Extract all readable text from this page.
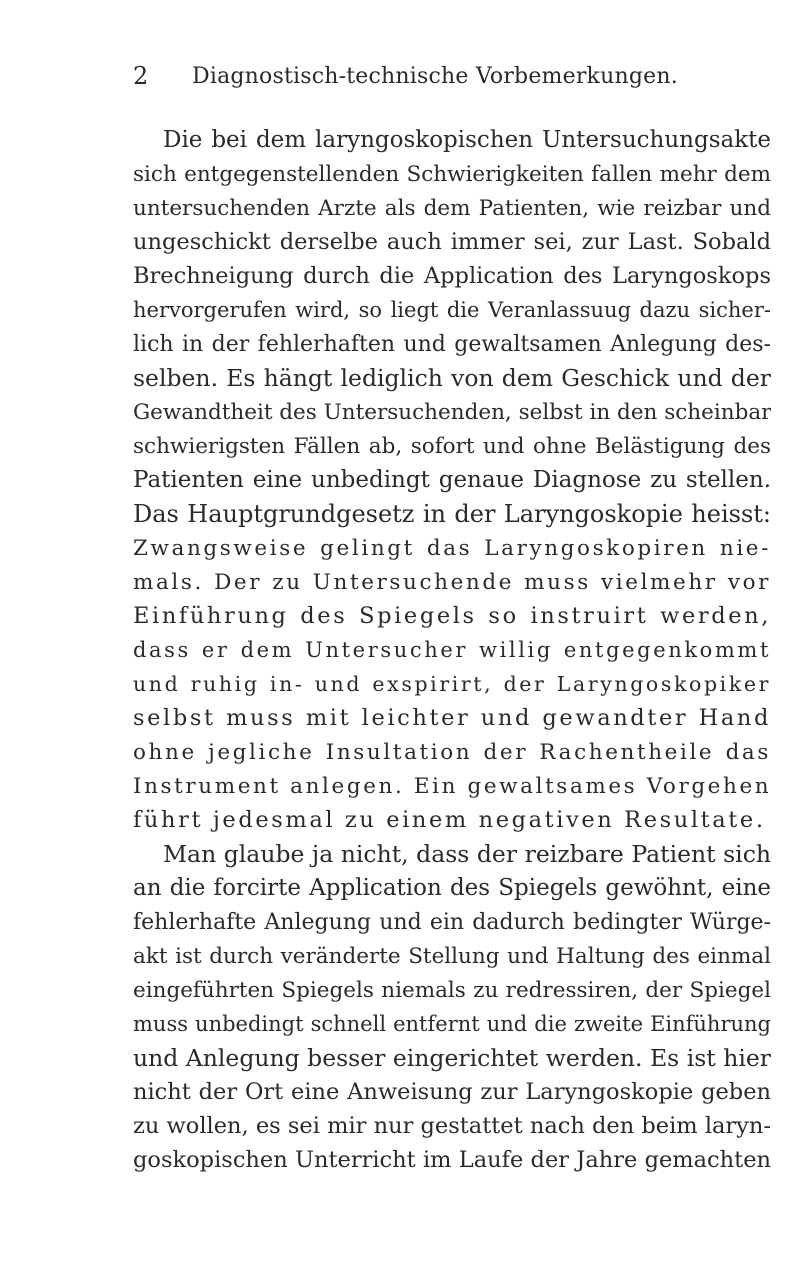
2 Diagnostisch-technische Vorbemerkungen.
Die bei dem laryngoskopischen Untersuchungsakte
sich entgegenstellenden Schwierigkeiten fallen mehr dem
untersuchenden Arzte als dem Patienten, wie reizbar und
ungeschickt derselbe auch immer sei, zur Last. Sobald
Brechneigung durch die Application des Laryngoskops
hervorgerufen wird, so liegt die Veranlassuug dazu sicher-
lich in der fehlerhaften und gewaltsamen Anlegung des-
selben. Es hängt lediglich von dem Geschick und der
Gewandtheit des Untersuchenden, selbst in den scheinbar
schwierigsten Fällen ab, sofort und ohne Belästigung des
Patienten eine unbedingt genaue Diagnose zu stellen.
Das Hauptgrundgesetz in der Laryngoskopie heisst:
Zwangsweise gelingt das Laryngoskopiren nie-
mals. Der zu Untersuchende muss vielmehr vor
Einführung des Spiegels so instruirt werden,
dass er dem Untersucher willig entgegenkommt
und ruhig in- und exspirirt, der Laryngoskopiker
selbst muss mit leichter und gewandter Hand
ohne jegliche Insultation der Rachentheile das
Instrument anlegen. Ein gewaltsames Vorgehen
führt jedesmal zu einem negativen Resultate.
Man glaube ja nicht, dass der reizbare Patient sich
an die forcirte Application des Spiegels gewöhnt, eine
fehlerhafte Anlegung und ein dadurch bedingter Würge-
akt ist durch veränderte Stellung und Haltung des einmal
eingeführten Spiegels niemals zu redressiren, der Spiegel
muss unbedingt schnell entfernt und die zweite Einführung
und Anlegung besser eingerichtet werden. Es ist hier
nicht der Ort eine Anweisung zur Laryngoskopie geben
zu wollen, es sei mir nur gestattet nach den beim laryn-
goskopischen Unterricht im Laufe der Jahre gemachten
